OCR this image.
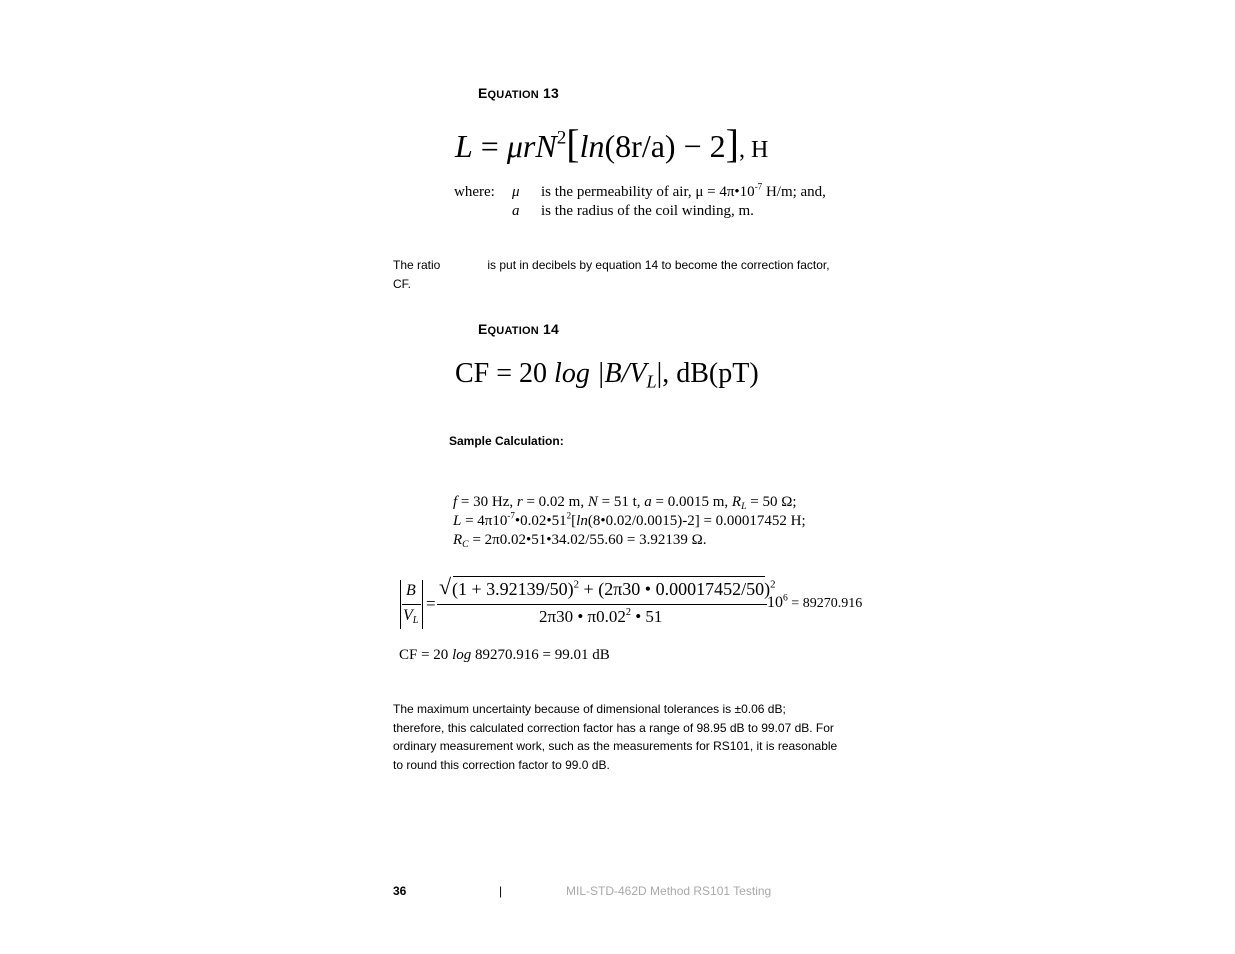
EQUATION 13
L = μrN$^2$[ln(8r/a) − 2], H
where: μ is the permeability of air, $\mu = 4\pi•10^{-7}$ H/m; and,
a is the radius of the coil winding, m.
The ratio	is put in decibels by equation 14 to become the correction factor,
CF.
EQUATION 14
CF = 20 $\log |B/V_L|$, dB(pT)
Sample Calculation:
f = 30 Hz, r = 0.02 m, N = 51 t, a = 0.0015 m, $R_L = 50$ Ω;
$L = 4\pi 10^{-7}•0.02•51^2[\ln(8•0.02/0.0015)-2] = 0.00017452$ H;
$R_C$ = 2π0.02•51•34.02/55.60 = 3.92139 Ω.
B
$V_L$
=
√ $(1 + 3.92139/50)^2 + (2\pi 30$ • 0.00017452/50)$^2$
2π30 • π0.02$^2$ • 51
$10^6 = 89270.916$
CF = 20 log 89270.916 = 99.01 dB
The maximum uncertainty because of dimensional tolerances is ±0.06 dB; therefore, this calculated correction factor has a range of 98.95 dB to 99.07 dB. For ordinary measurement work, such as the measurements for RS101, it is reasonable to round this correction factor to 99.0 dB.
36	|	MIL-STD-462D Method RS101 Testing
